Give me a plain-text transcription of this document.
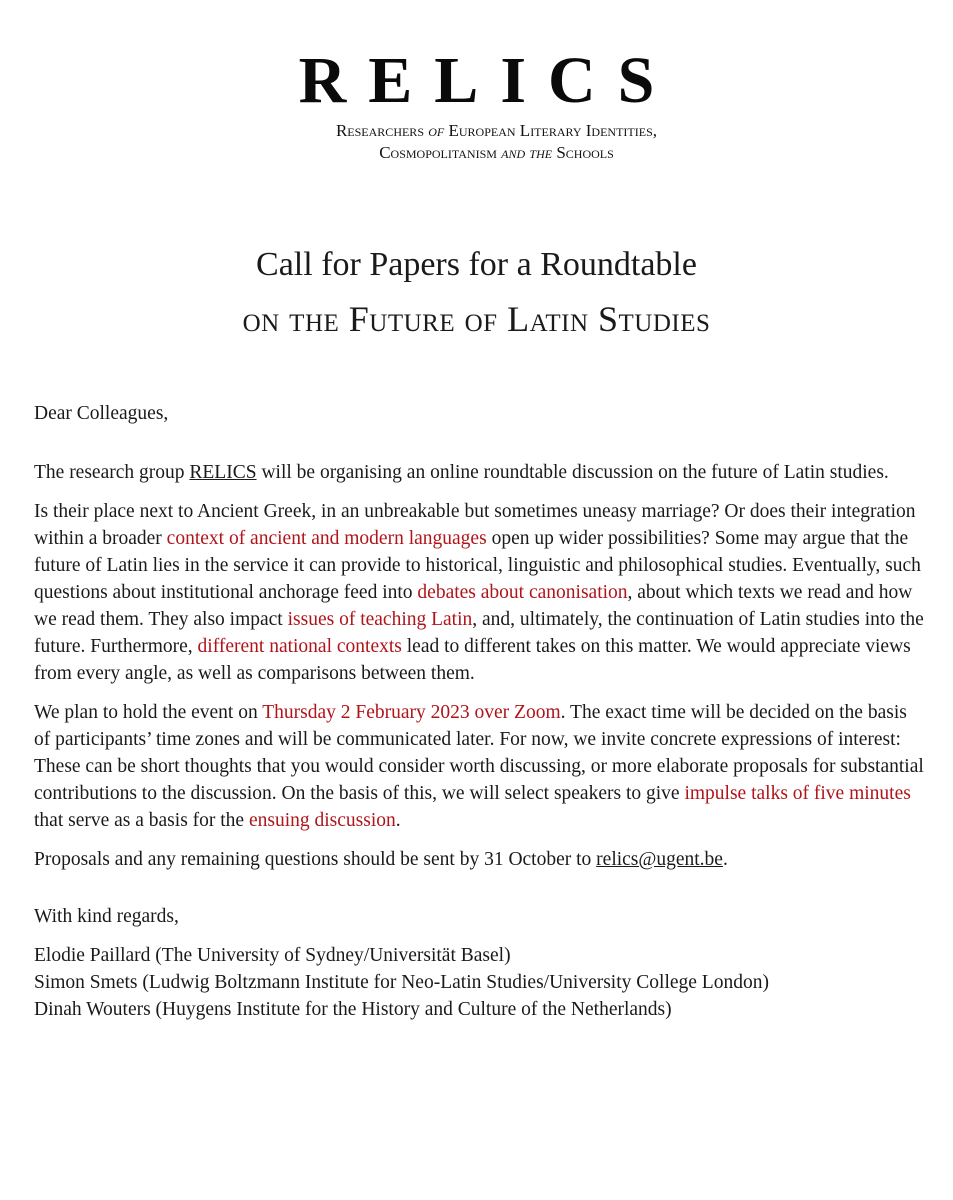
RELICS

Researchers of European Literary Identities,

Cosmopolitanism and the Schools

Call for Papers for a Roundtable

on the Future of Latin Studies

Dear Colleagues,

The research group RELICS will be organising an online roundtable discussion on the future of Latin studies.

Is their place next to Ancient Greek, in an unbreakable but sometimes uneasy marriage? Or does their integration within a broader context of ancient and modern languages open up wider possibilities? Some may argue that the future of Latin lies in the service it can provide to historical, linguistic and philosophical studies. Eventually, such questions about institutional anchorage feed into debates about canonisation, about which texts we read and how we read them. They also impact issues of teaching Latin, and, ultimately, the continuation of Latin studies into the future. Furthermore, different national contexts lead to different takes on this matter. We would appreciate views from every angle, as well as comparisons between them.

We plan to hold the event on Thursday 2 February 2023 over Zoom. The exact time will be decided on the basis of participants’ time zones and will be communicated later. For now, we invite concrete expressions of interest: These can be short thoughts that you would consider worth discussing, or more elaborate proposals for substantial contributions to the discussion. On the basis of this, we will select speakers to give impulse talks of five minutes that serve as a basis for the ensuing discussion.

Proposals and any remaining questions should be sent by 31 October to relics@ugent.be.

With kind regards,

Elodie Paillard (The University of Sydney/Universität Basel)

Simon Smets (Ludwig Boltzmann Institute for Neo-Latin Studies/University College London)

Dinah Wouters (Huygens Institute for the History and Culture of the Netherlands)
